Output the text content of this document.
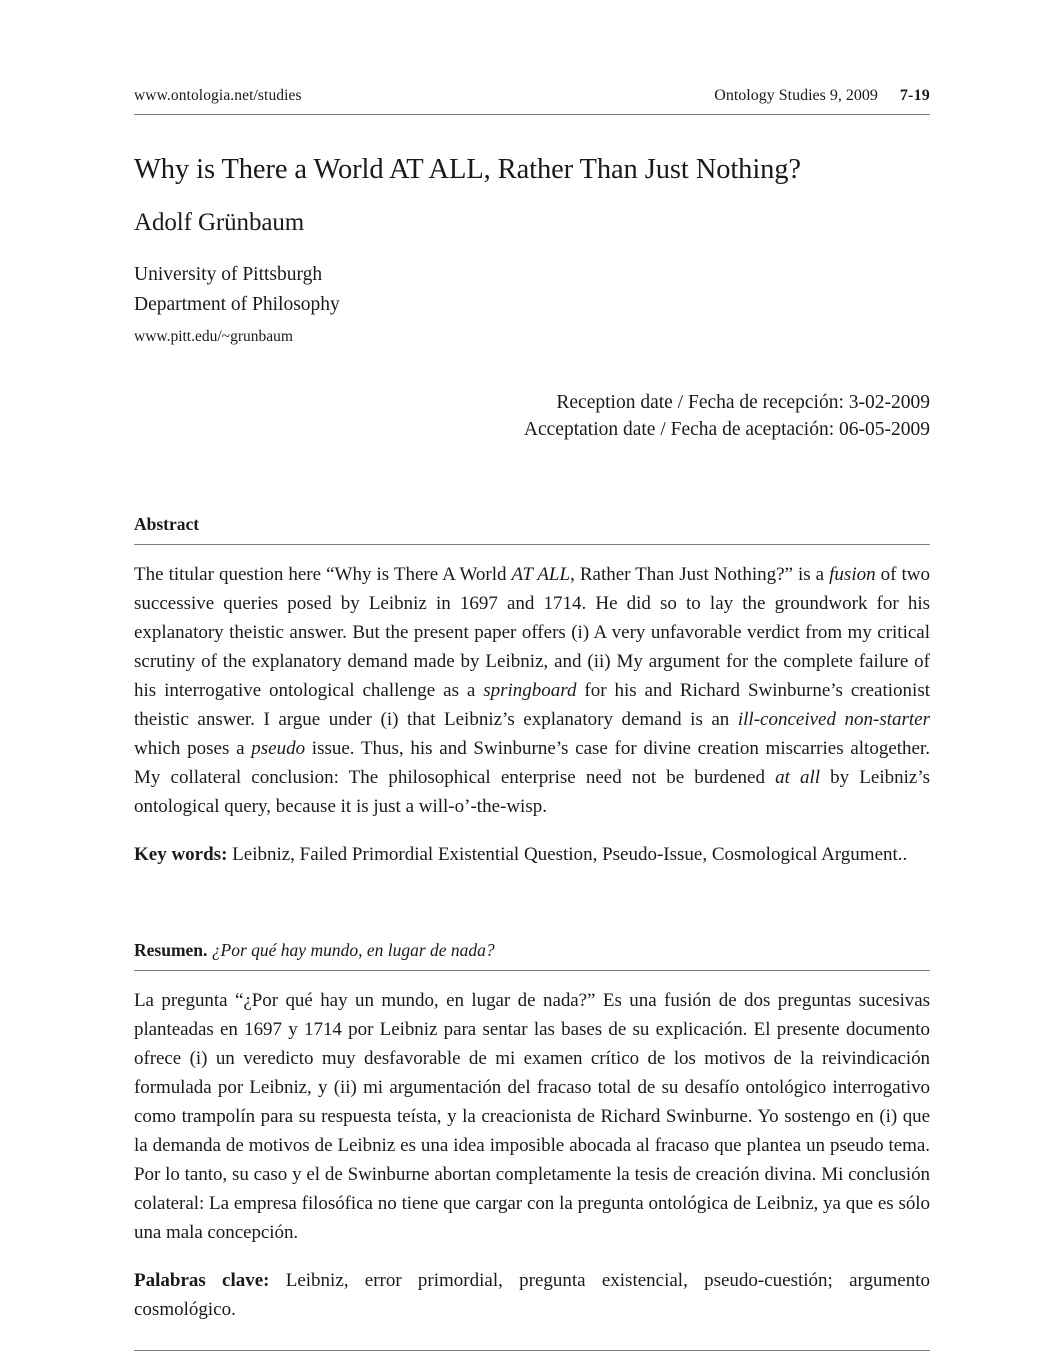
www.ontologia.net/studies	Ontology Studies 9, 2009 7-19
Why is There a World AT ALL, Rather Than Just Nothing?
Adolf Grünbaum
University of Pittsburgh
Department of Philosophy
www.pitt.edu/~grunbaum
Reception date / Fecha de recepción: 3-02-2009
Acceptation date / Fecha de aceptación: 06-05-2009
Abstract

The titular question here “Why is There A World AT ALL, Rather Than Just Nothing?” is a fusion of two successive queries posed by Leibniz in 1697 and 1714. He did so to lay the groundwork for his explanatory theistic answer. But the present paper offers (i) A very unfavorable verdict from my critical scrutiny of the explanatory demand made by Leibniz, and (ii) My argument for the complete failure of his interrogative ontological challenge as a springboard for his and Richard Swinburne’s creationist theistic answer. I argue under (i) that Leibniz’s explanatory demand is an ill-conceived non-starter which poses a pseudo issue. Thus, his and Swinburne’s case for divine creation miscarries altogether. My collateral conclusion: The philosophical enterprise need not be burdened at all by Leibniz’s ontological query, because it is just a will-o’-the-wisp.

Key words: Leibniz, Failed Primordial Existential Question, Pseudo-Issue, Cosmological Argument..

Resumen. ¿Por qué hay mundo, en lugar de nada?

La pregunta “¿Por qué hay un mundo, en lugar de nada?” Es una fusión de dos preguntas sucesivas planteadas en 1697 y 1714 por Leibniz para sentar las bases de su explicación. El presente documento ofrece (i) un veredicto muy desfavorable de mi examen crítico de los motivos de la reivindicación formulada por Leibniz, y (ii) mi argumentación del fracaso total de su desafío ontológico interrogativo como trampolín para su respuesta teísta, y la creacionista de Richard Swinburne. Yo sostengo en (i) que la demanda de motivos de Leibniz es una idea imposible abocada al fracaso que plantea un pseudo tema. Por lo tanto, su caso y el de Swinburne abortan completamente la tesis de creación divina. Mi conclusión colateral: La empresa filosófica no tiene que cargar con la pregunta ontológica de Leibniz, ya que es sólo una mala concepción.

Palabras clave: Leibniz, error primordial, pregunta existencial, pseudo-cuestión; argumento cosmológico.
